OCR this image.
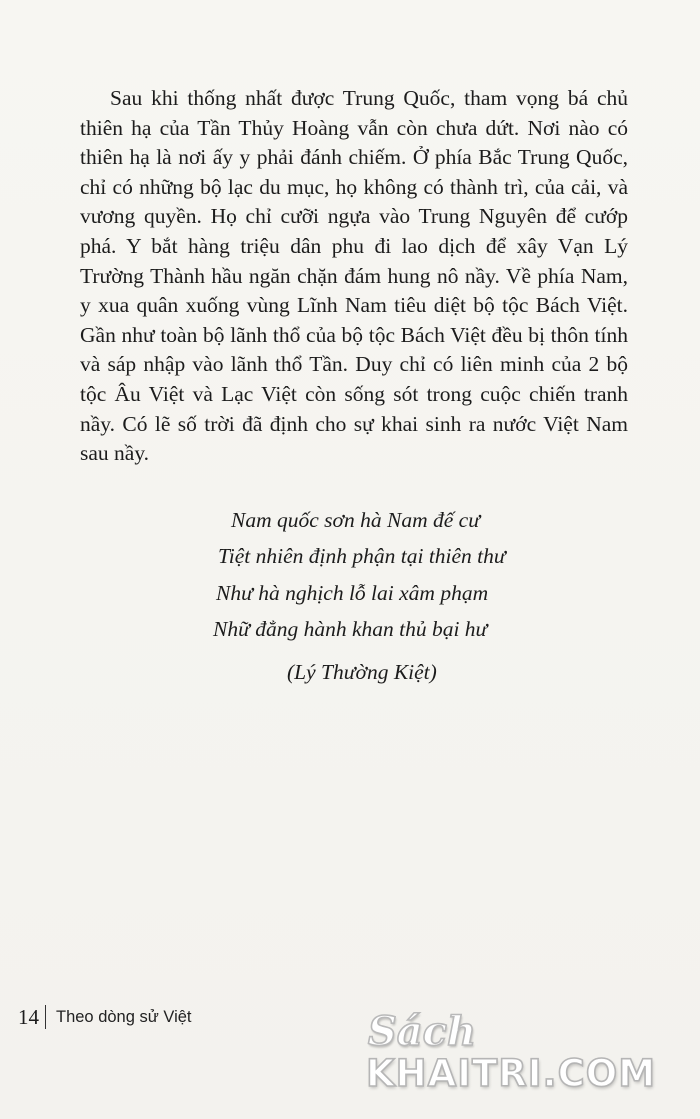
Sau khi thống nhất được Trung Quốc, tham vọng bá chủ thiên hạ của Tần Thủy Hoàng vẫn còn chưa dứt. Nơi nào có thiên hạ là nơi ấy y phải đánh chiếm. Ở phía Bắc Trung Quốc, chỉ có những bộ lạc du mục, họ không có thành trì, của cải, và vương quyền. Họ chỉ cưỡi ngựa vào Trung Nguyên để cướp phá. Y bắt hàng triệu dân phu đi lao dịch để xây Vạn Lý Trường Thành hầu ngăn chặn đám hung nô nầy. Về phía Nam, y xua quân xuống vùng Lĩnh Nam tiêu diệt bộ tộc Bách Việt. Gần như toàn bộ lãnh thổ của bộ tộc Bách Việt đều bị thôn tính và sáp nhập vào lãnh thổ Tần. Duy chỉ có liên minh của 2 bộ tộc Âu Việt và Lạc Việt còn sống sót trong cuộc chiến tranh nầy. Có lẽ số trời đã định cho sự khai sinh ra nước Việt Nam sau nầy.

Nam quốc sơn hà Nam đế cư
Tiệt nhiên định phận tại thiên thư
Như hà nghịch lỗ lai xâm phạm
Nhữ đẳng hành khan thủ bại hư
(Lý Thường Kiệt)
14 Theo dòng sử Việt	Sách
KHAITRI.COM
